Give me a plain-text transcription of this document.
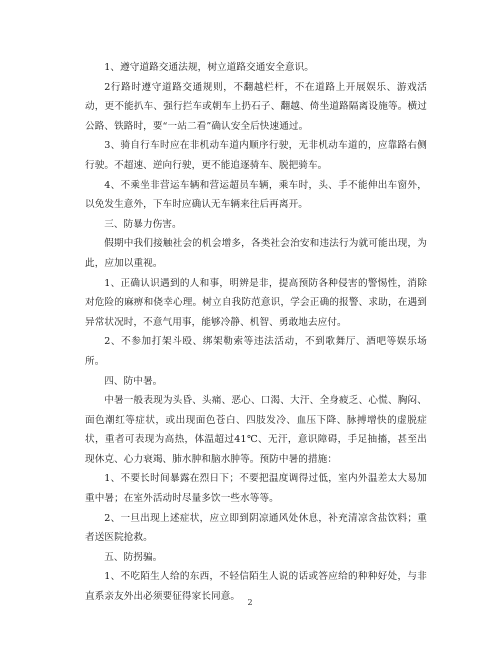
1、遵守道路交通法规，树立道路交通安全意识。

2行路时遵守道路交通规则，不翻越栏杆，不在道路上开展娱乐、游戏活动，更不能扒车、强行拦车或朝车上扔石子、翻越、倚坐道路隔离设施等。横过公路、铁路时，要“一站二看”确认安全后快速通过。

3、骑自行车时应在非机动车道内顺序行驶，无非机动车道的，应靠路右侧行驶。不超速、逆向行驶，更不能追逐骑车、脱把骑车。

4、不乘坐非营运车辆和营运超员车辆，乘车时，头、手不能伸出车窗外，以免发生意外，下车时应确认无车辆来往后再离开。

三、防暴力伤害。

假期中我们接触社会的机会增多，各类社会治安和违法行为就可能出现，为此，应加以重视。

1、正确认识遇到的人和事，明辨是非，提高预防各种侵害的警惕性，消除对危险的麻痹和侥幸心理。树立自我防范意识，学会正确的报警、求助，在遇到异常状况时，不意气用事，能够冷静、机智、勇敢地去应付。

2、不参加打架斗殴、绑架勒索等违法活动，不到歌舞厅、酒吧等娱乐场所。

四、防中暑。

中暑一般表现为头昏、头痛、恶心、口渴、大汗、全身疲乏、心慌、胸闷、面色潮红等症状，或出现面色苍白、四肢发冷、血压下降、脉搏增快的虚脱症状，重者可表现为高热，体温超过41℃、无汗，意识障碍，手足抽搐，甚至出现休克、心力衰竭、肺水肿和脑水肿等。预防中暑的措施：

1、不要长时间暴露在烈日下；不要把温度调得过低，室内外温差太大易加重中暑；在室外活动时尽量多饮一些水等等。

2、一旦出现上述症状，应立即到阴凉通风处休息，补充清凉含盐饮料；重者送医院抢救。

五、防拐骗。

1、不吃陌生人给的东西，不轻信陌生人说的话或答应给的种种好处，与非直系亲友外出必须要征得家长同意。

2
